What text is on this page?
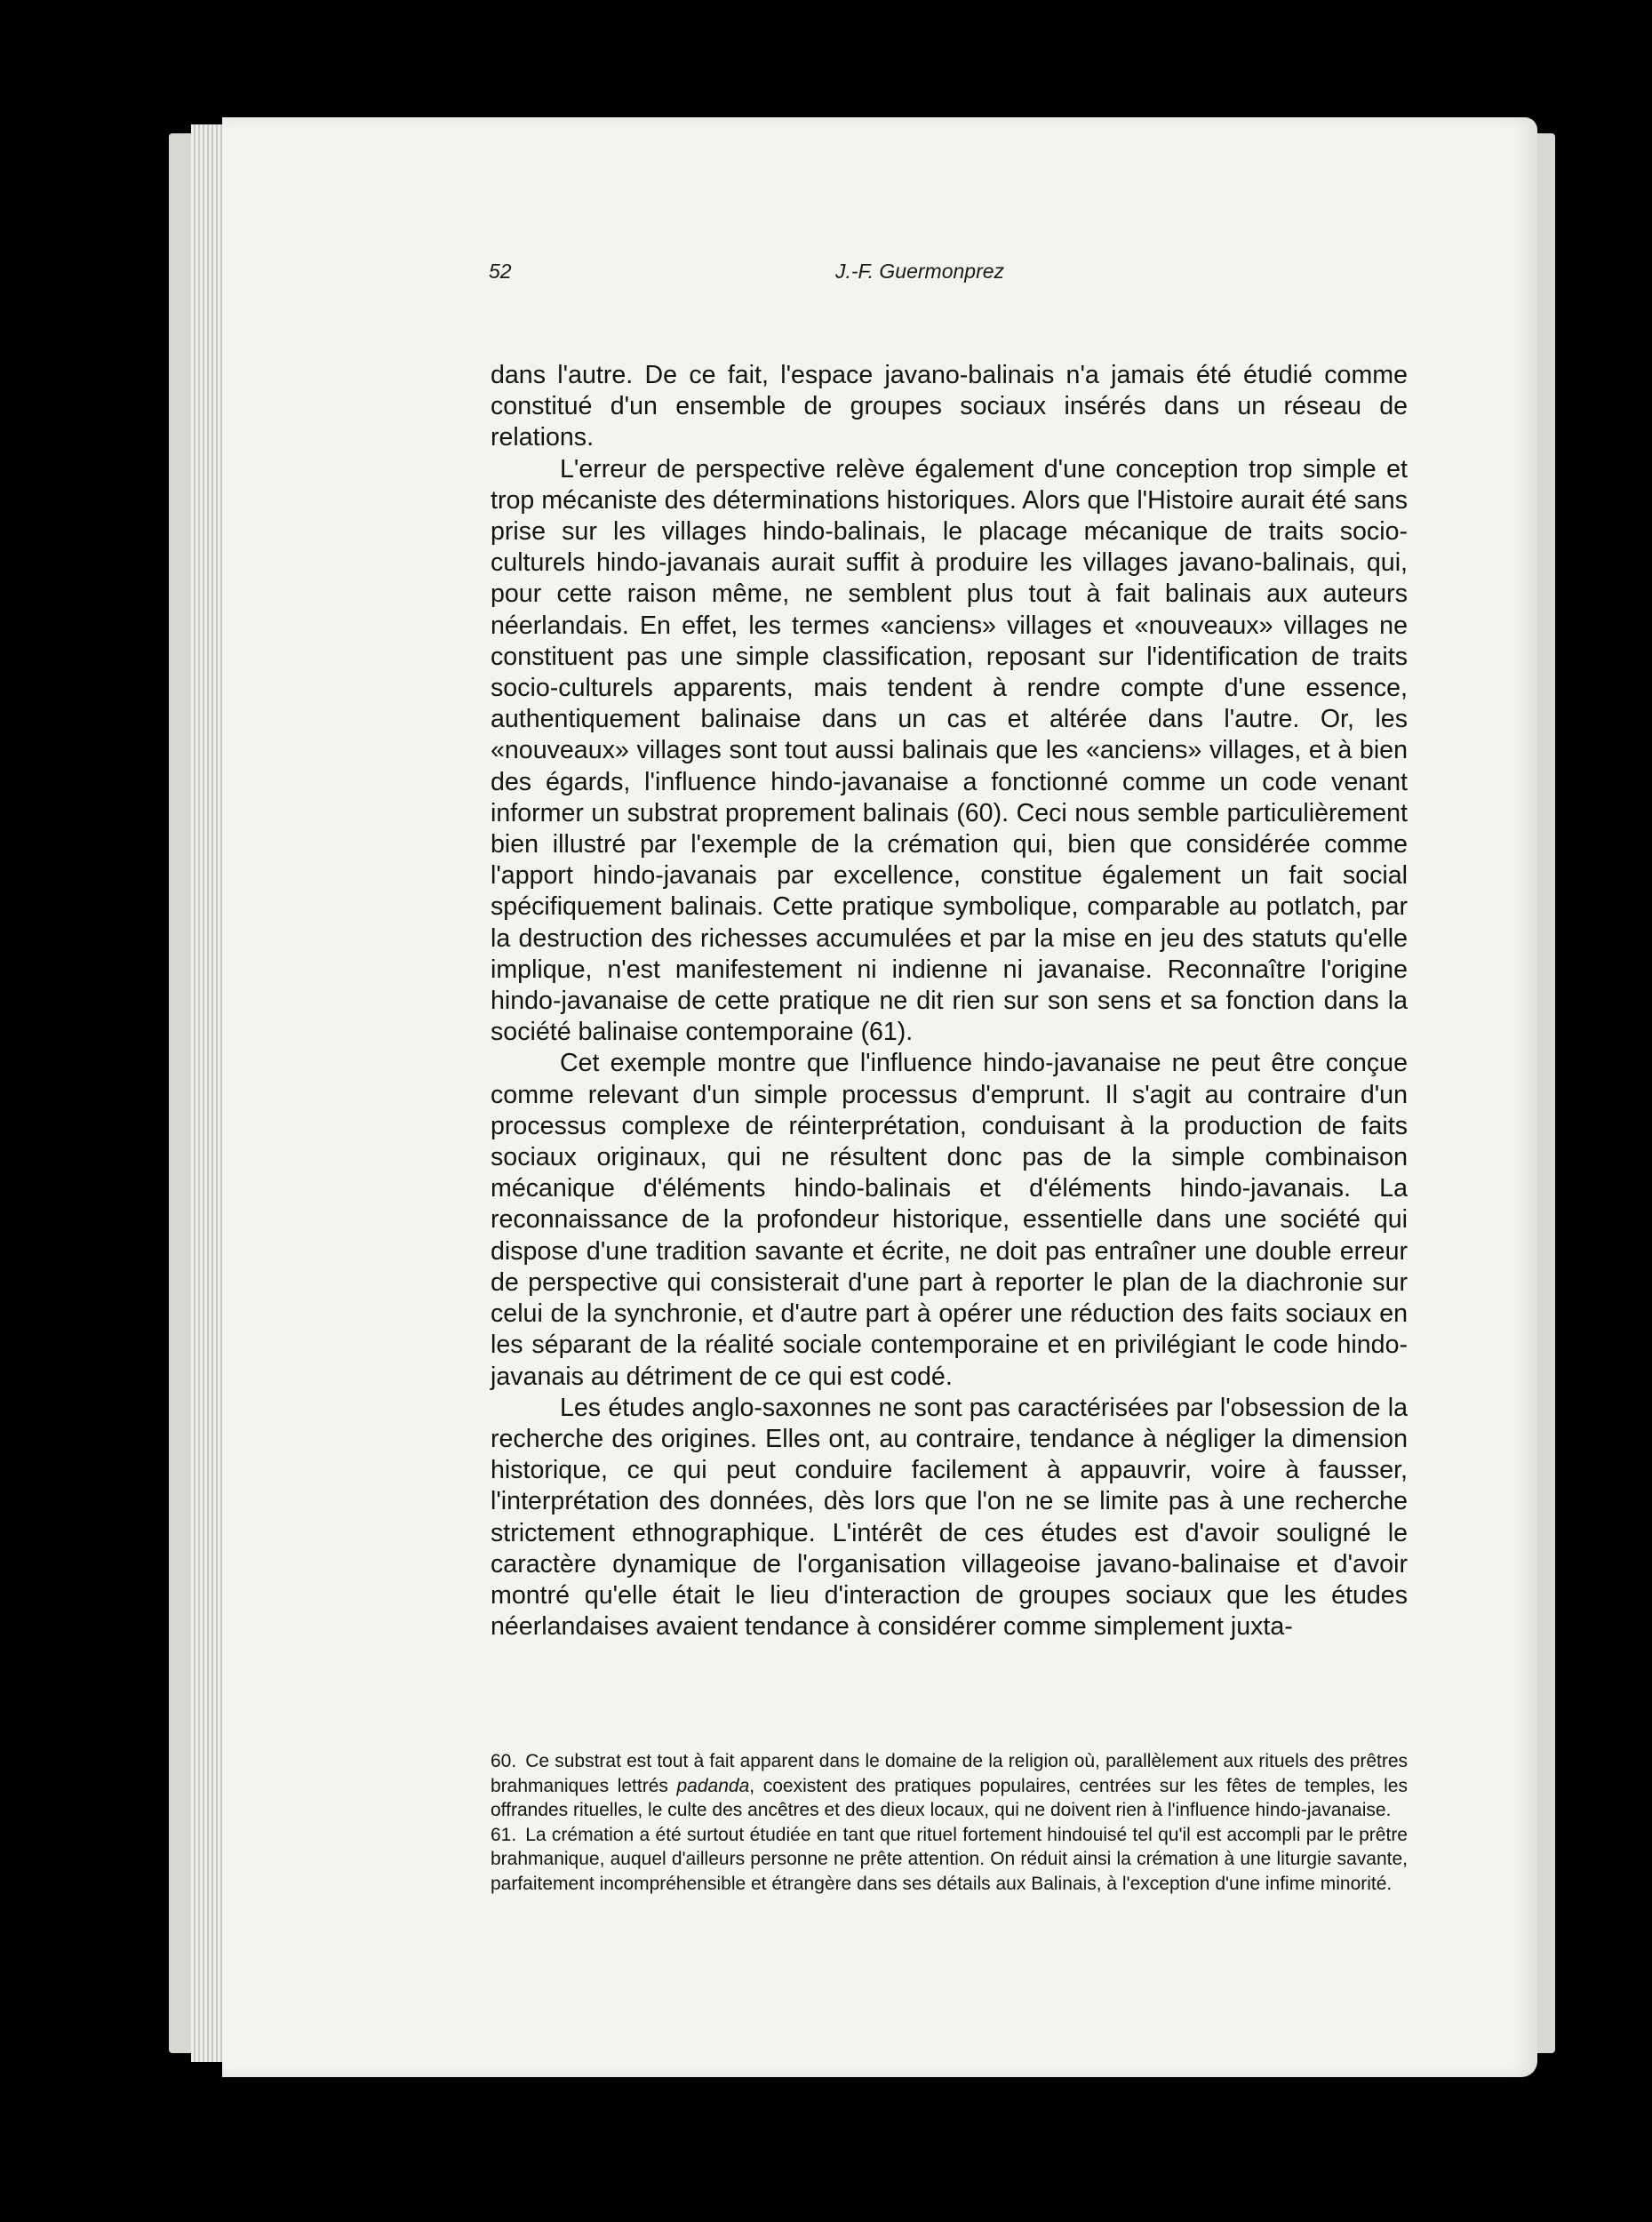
52	J.-F. Guermonprez

dans l'autre. De ce fait, l'espace javano-balinais n'a jamais été étudié comme constitué d'un ensemble de groupes sociaux insérés dans un réseau de relations.

L'erreur de perspective relève également d'une conception trop simple et trop mécaniste des déterminations historiques. Alors que l'Histoire aurait été sans prise sur les villages hindo-balinais, le placage mécanique de traits socio-culturels hindo-javanais aurait suffit à produire les villages javano-balinais, qui, pour cette raison même, ne semblent plus tout à fait balinais aux auteurs néerlandais. En effet, les termes «anciens» villages et «nouveaux» villages ne constituent pas une simple classification, reposant sur l'identification de traits socio-culturels apparents, mais tendent à rendre compte d'une essence, authentiquement balinaise dans un cas et altérée dans l'autre. Or, les «nouveaux» villages sont tout aussi balinais que les «anciens» villages, et à bien des égards, l'influence hindo-javanaise a fonctionné comme un code venant informer un substrat proprement balinais (60). Ceci nous semble particulièrement bien illustré par l'exemple de la crémation qui, bien que considérée comme l'apport hindo-javanais par excellence, constitue également un fait social spécifiquement balinais. Cette pratique symbolique, comparable au potlatch, par la destruction des richesses accumulées et par la mise en jeu des statuts qu'elle implique, n'est manifestement ni indienne ni javanaise. Reconnaître l'origine hindo-javanaise de cette pratique ne dit rien sur son sens et sa fonction dans la société balinaise contemporaine (61).

Cet exemple montre que l'influence hindo-javanaise ne peut être conçue comme relevant d'un simple processus d'emprunt. Il s'agit au contraire d'un processus complexe de réinterprétation, conduisant à la production de faits sociaux originaux, qui ne résultent donc pas de la simple combinaison mécanique d'éléments hindo-balinais et d'éléments hindo-javanais. La reconnaissance de la profondeur historique, essentielle dans une société qui dispose d'une tradition savante et écrite, ne doit pas entraîner une double erreur de perspective qui consisterait d'une part à reporter le plan de la diachronie sur celui de la synchronie, et d'autre part à opérer une réduction des faits sociaux en les séparant de la réalité sociale contemporaine et en privilégiant le code hindo-javanais au détriment de ce qui est codé.

Les études anglo-saxonnes ne sont pas caractérisées par l'obsession de la recherche des origines. Elles ont, au contraire, tendance à négliger la dimension historique, ce qui peut conduire facilement à appauvrir, voire à fausser, l'interprétation des données, dès lors que l'on ne se limite pas à une recherche strictement ethnographique. L'intérêt de ces études est d'avoir souligné le caractère dynamique de l'organisation villageoise javano-balinaise et d'avoir montré qu'elle était le lieu d'interaction de groupes sociaux que les études néerlandaises avaient tendance à considérer comme simplement juxta-

60. Ce substrat est tout à fait apparent dans le domaine de la religion où, parallèlement aux rituels des prêtres brahmaniques lettrés padanda, coexistent des pratiques populaires, centrées sur les fêtes de temples, les offrandes rituelles, le culte des ancêtres et des dieux locaux, qui ne doivent rien à l'influence hindo-javanaise.

61. La crémation a été surtout étudiée en tant que rituel fortement hindouisé tel qu'il est accompli par le prêtre brahmanique, auquel d'ailleurs personne ne prête attention. On réduit ainsi la crémation à une liturgie savante, parfaitement incompréhensible et étrangère dans ses détails aux Balinais, à l'exception d'une infime minorité.
